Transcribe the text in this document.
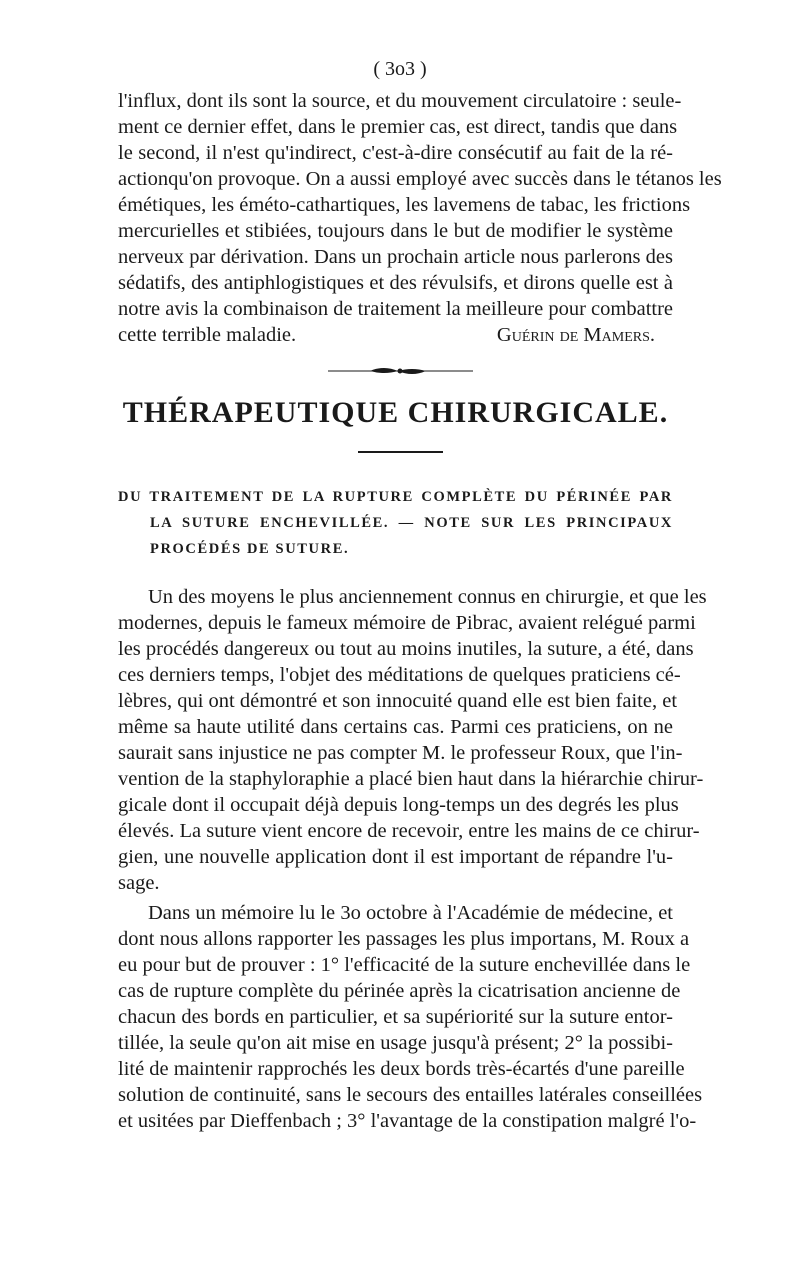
( 3o3 )
l'influx, dont ils sont la source, et du mouvement circulatoire : seule-
ment ce dernier effet, dans le premier cas, est direct, tandis que dans
le second, il n'est qu'indirect, c'est-à-dire consécutif au fait de la ré-
actionqu'on provoque. On a aussi employé avec succès dans le tétanos les
émétiques, les éméto-cathartiques, les lavemens de tabac, les frictions
mercurielles et stibiées, toujours dans le but de modifier le système
nerveux par dérivation. Dans un prochain article nous parlerons des
sédatifs, des antiphlogistiques et des révulsifs, et dirons quelle est à
notre avis la combinaison de traitement la meilleure pour combattre
cette terrible maladie.	Guérin de Mamers.
THÉRAPEUTIQUE CHIRURGICALE.
DU TRAITEMENT DE LA RUPTURE COMPLÈTE DU PÉRINÉE PAR
LA SUTURE ENCHEVILLÉE. — NOTE SUR LES PRINCIPAUX
PROCÉDÉS DE SUTURE.
Un des moyens le plus anciennement connus en chirurgie, et que les
modernes, depuis le fameux mémoire de Pibrac, avaient relégué parmi
les procédés dangereux ou tout au moins inutiles, la suture, a été, dans
ces derniers temps, l'objet des méditations de quelques praticiens cé-
lèbres, qui ont démontré et son innocuité quand elle est bien faite, et
même sa haute utilité dans certains cas. Parmi ces praticiens, on ne
saurait sans injustice ne pas compter M. le professeur Roux, que l'in-
vention de la staphyloraphie a placé bien haut dans la hiérarchie chirur-
gicale dont il occupait déjà depuis long-temps un des degrés les plus
élevés. La suture vient encore de recevoir, entre les mains de ce chirur-
gien, une nouvelle application dont il est important de répandre l'u-
sage.
Dans un mémoire lu le 3o octobre à l'Académie de médecine, et
dont nous allons rapporter les passages les plus importans, M. Roux a
eu pour but de prouver : 1° l'efficacité de la suture enchevillée dans le
cas de rupture complète du périnée après la cicatrisation ancienne de
chacun des bords en particulier, et sa supériorité sur la suture entor-
tillée, la seule qu'on ait mise en usage jusqu'à présent; 2° la possibi-
lité de maintenir rapprochés les deux bords très-écartés d'une pareille
solution de continuité, sans le secours des entailles latérales conseillées
et usitées par Dieffenbach ; 3° l'avantage de la constipation malgré l'o-
